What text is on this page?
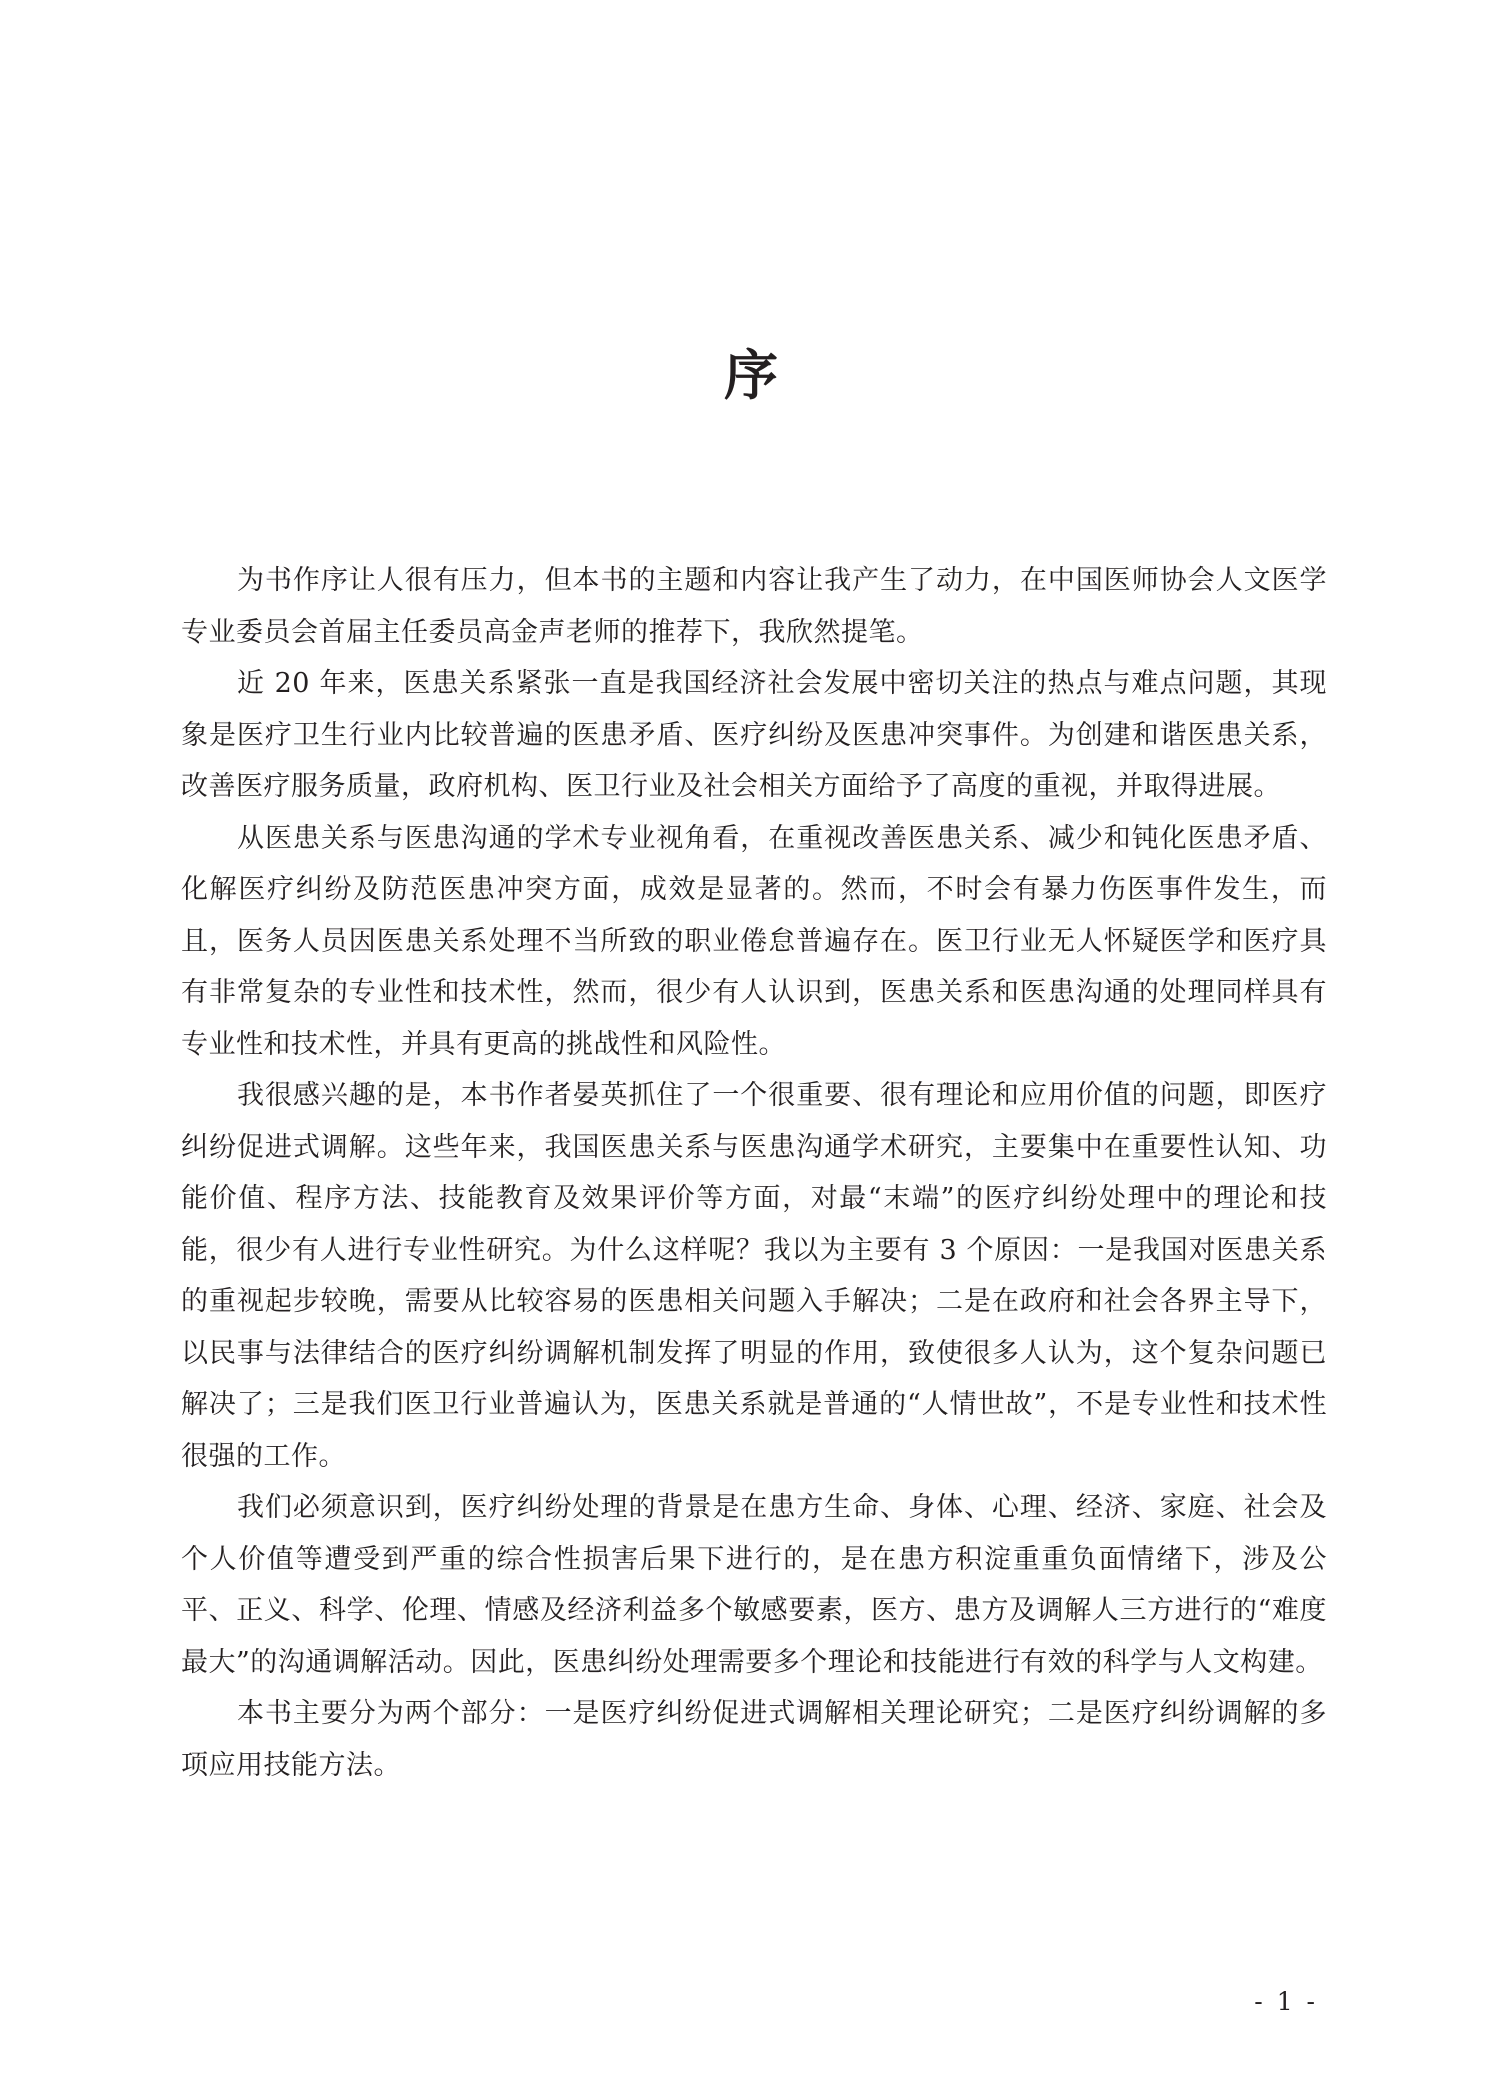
序

为书作序让人很有压力，但本书的主题和内容让我产生了动力，在中国医师协会人文医学专业委员会首届主任委员高金声老师的推荐下，我欣然提笔。

近 20 年来，医患关系紧张一直是我国经济社会发展中密切关注的热点与难点问题，其现象是医疗卫生行业内比较普遍的医患矛盾、医疗纠纷及医患冲突事件。为创建和谐医患关系，改善医疗服务质量，政府机构、医卫行业及社会相关方面给予了高度的重视，并取得进展。

从医患关系与医患沟通的学术专业视角看，在重视改善医患关系、减少和钝化医患矛盾、化解医疗纠纷及防范医患冲突方面，成效是显著的。然而，不时会有暴力伤医事件发生，而且，医务人员因医患关系处理不当所致的职业倦怠普遍存在。医卫行业无人怀疑医学和医疗具有非常复杂的专业性和技术性，然而，很少有人认识到，医患关系和医患沟通的处理同样具有专业性和技术性，并具有更高的挑战性和风险性。

我很感兴趣的是，本书作者晏英抓住了一个很重要、很有理论和应用价值的问题，即医疗纠纷促进式调解。这些年来，我国医患关系与医患沟通学术研究，主要集中在重要性认知、功能价值、程序方法、技能教育及效果评价等方面，对最“末端”的医疗纠纷处理中的理论和技能，很少有人进行专业性研究。为什么这样呢？我以为主要有 3 个原因：一是我国对医患关系的重视起步较晚，需要从比较容易的医患相关问题入手解决；二是在政府和社会各界主导下，以民事与法律结合的医疗纠纷调解机制发挥了明显的作用，致使很多人认为，这个复杂问题已解决了；三是我们医卫行业普遍认为，医患关系就是普通的“人情世故”，不是专业性和技术性很强的工作。

我们必须意识到，医疗纠纷处理的背景是在患方生命、身体、心理、经济、家庭、社会及个人价值等遭受到严重的综合性损害后果下进行的，是在患方积淀重重负面情绪下，涉及公平、正义、科学、伦理、情感及经济利益多个敏感要素，医方、患方及调解人三方进行的“难度最大”的沟通调解活动。因此，医患纠纷处理需要多个理论和技能进行有效的科学与人文构建。

本书主要分为两个部分：一是医疗纠纷促进式调解相关理论研究；二是医疗纠纷调解的多项应用技能方法。

- 1 -
